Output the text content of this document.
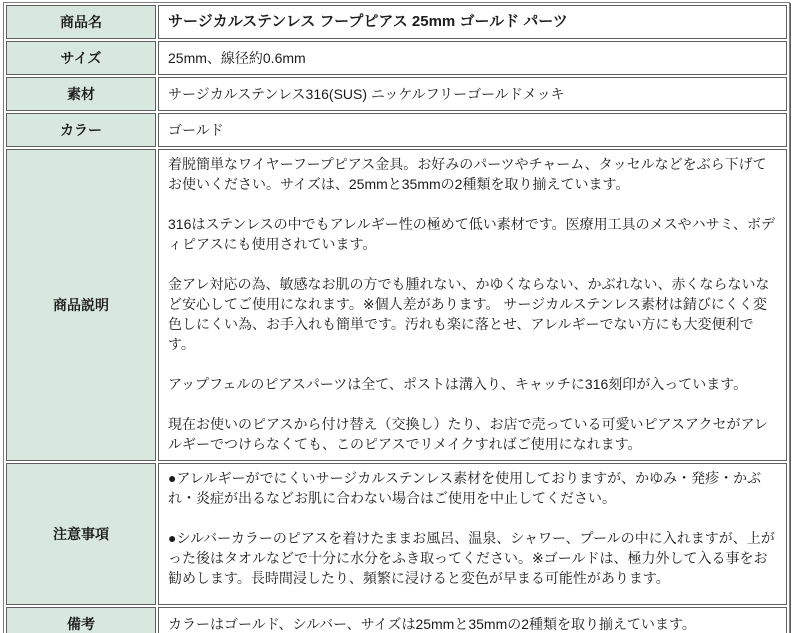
商品名	サージカルステンレス フープピアス 25mm ゴールド パーツ
サイズ	25mm、線径約0.6mm
素材	サージカルステンレス316(SUS) ニッケルフリーゴールドメッキ
カラー	ゴールド
商品説明	着脱簡単なワイヤーフープピアス金具。お好みのパーツやチャーム、タッセルなどをぶら下げてお使いください。サイズは、25mmと35mmの2種類を取り揃えています。

316はステンレスの中でもアレルギー性の極めて低い素材です。医療用工具のメスやハサミ、ボディピアスにも使用されています。

金アレ対応の為、敏感なお肌の方でも腫れない、かゆくならない、かぶれない、赤くならないなど安心してご使用になれます。※個人差があります。 サージカルステンレス素材は錆びにくく変色しにくい為、お手入れも簡単です。汚れも楽に落とせ、アレルギーでない方にも大変便利です。

アップフェルのピアスパーツは全て、ポストは溝入り、キャッチに316刻印が入っています。

現在お使いのピアスから付け替え（交換し）たり、お店で売っている可愛いピアスアクセがアレルギーでつけらなくても、このピアスでリメイクすればご使用になれます。

注意事項	●アレルギーがでにくいサージカルステンレス素材を使用しておりますが、かゆみ・発疹・かぶれ・炎症が出るなどお肌に合わない場合はご使用を中止してください。

●シルバーカラーのピアスを着けたままお風呂、温泉、シャワー、プールの中に入れますが、上がった後はタオルなどで十分に水分をふき取ってください。※ゴールドは、極力外して入る事をお勧めします。長時間浸したり、頻繁に浸けると変色が早まる可能性があります。

備考	カラーはゴールド、シルバー、サイズは25mmと35mmの2種類を取り揃えています。
